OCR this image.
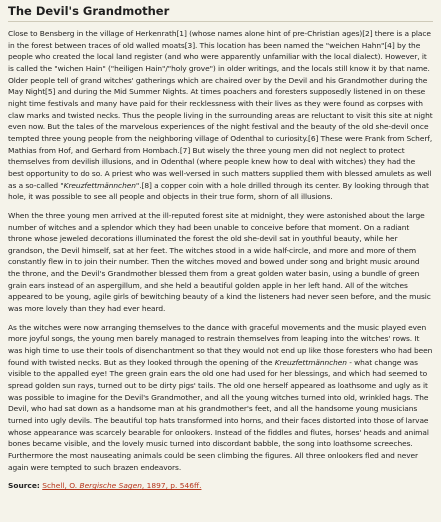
The Devil's Grandmother

Close to Bensberg in the village of Herkenrath[1] (whose names alone hint of pre-Christian ages)[2] there is a place in the forest between traces of old walled moats[3]. This location has been named the "weichen Hahn"[4] by the people who created the local land register (and who were apparently unfamiliar with the local dialect). However, it is called the "wichen Hain" ("heiligen Hain"/"holy grove") in older writings, and the locals still know it by that name. Older people tell of grand witches' gatherings which are chaired over by the Devil and his Grandmother during the May Night[5] and during the Mid Summer Nights. At times poachers and foresters supposedly listened in on these night time festivals and many have paid for their recklessness with their lives as they were found as corpses with claw marks and twisted necks. Thus the people living in the surrounding areas are reluctant to visit this site at night even now. But the tales of the marvelous experiences of the night festival and the beauty of the old she-devil once tempted three young people from the neighboring village of Odenthal to curiosity.[6] These were Frank from Scherf, Mathias from Hof, and Gerhard from Hombach.[7] But wisely the three young men did not neglect to protect themselves from devilish illusions, and in Odenthal (where people knew how to deal with witches) they had the best opportunity to do so. A priest who was well-versed in such matters supplied them with blessed amulets as well as a so-called "Kreuzfettmännchen".[8] a copper coin with a hole drilled through its center. By looking through that hole, it was possible to see all people and objects in their true form, shorn of all illusions.

When the three young men arrived at the ill-reputed forest site at midnight, they were astonished about the large number of witches and a splendor which they had been unable to conceive before that moment. On a radiant throne whose jeweled decorations illuminated the forest the old she-devil sat in youthful beauty, while her grandson, the Devil himself, sat at her feet. The witches stood in a wide half-circle, and more and more of them constantly flew in to join their number. Then the witches moved and bowed under song and bright music around the throne, and the Devil's Grandmother blessed them from a great golden water basin, using a bundle of green grain ears instead of an aspergillum, and she held a beautiful golden apple in her left hand. All of the witches appeared to be young, agile girls of bewitching beauty of a kind the listeners had never seen before, and the music was more lovely than they had ever heard.

As the witches were now arranging themselves to the dance with graceful movements and the music played even more joyful songs, the young men barely managed to restrain themselves from leaping into the witches' rows. It was high time to use their tools of disenchantment so that they would not end up like those foresters who had been found with twisted necks. But as they looked through the opening of the Kreuzfettmännchen - what change was visible to the appalled eye! The green grain ears the old one had used for her blessings, and which had seemed to spread golden sun rays, turned out to be dirty pigs' tails. The old one herself appeared as loathsome and ugly as it was possible to imagine for the Devil's Grandmother, and all the young witches turned into old, wrinkled hags. The Devil, who had sat down as a handsome man at his grandmother's feet, and all the handsome young musicians turned into ugly devils. The beautiful top hats transformed into horns, and their faces distorted into those of larvae whose appearance was scarcely bearable for onlookers. Instead of the fiddles and flutes, horses' heads and animal bones became visible, and the lovely music turned into discordant babble, the song into loathsome screeches. Furthermore the most nauseating animals could be seen climbing the figures. All three onlookers fled and never again were tempted to such brazen endeavors.

Source: Schell, O. Bergische Sagen, 1897, p. 546ff.
